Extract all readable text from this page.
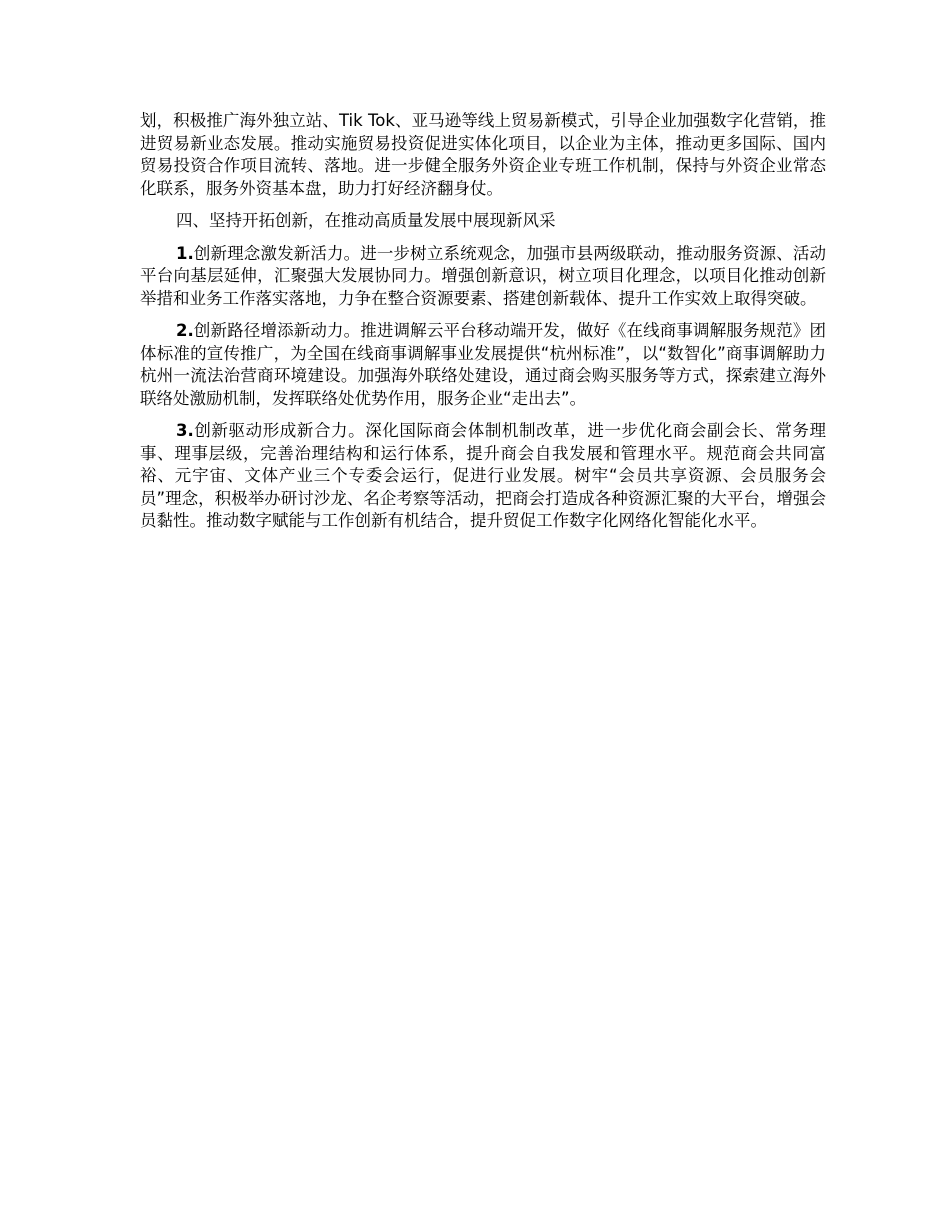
划，积极推广海外独立站、Tik Tok、亚马逊等线上贸易新模式，引导企业加强数字化营销，推进贸易新业态发展。推动实施贸易投资促进实体化项目，以企业为主体，推动更多国际、国内贸易投资合作项目流转、落地。进一步健全服务外资企业专班工作机制，保持与外资企业常态化联系，服务外资基本盘，助力打好经济翻身仗。

四、坚持开拓创新，在推动高质量发展中展现新风采

1.创新理念激发新活力。进一步树立系统观念，加强市县两级联动，推动服务资源、活动平台向基层延伸，汇聚强大发展协同力。增强创新意识，树立项目化理念，以项目化推动创新举措和业务工作落实落地，力争在整合资源要素、搭建创新载体、提升工作实效上取得突破。

2.创新路径增添新动力。推进调解云平台移动端开发，做好《在线商事调解服务规范》团体标准的宣传推广，为全国在线商事调解事业发展提供“杭州标准”，以“数智化”商事调解助力杭州一流法治营商环境建设。加强海外联络处建设，通过商会购买服务等方式，探索建立海外联络处激励机制，发挥联络处优势作用，服务企业“走出去”。

3.创新驱动形成新合力。深化国际商会体制机制改革，进一步优化商会副会长、常务理事、理事层级，完善治理结构和运行体系，提升商会自我发展和管理水平。规范商会共同富裕、元宇宙、文体产业三个专委会运行，促进行业发展。树牢“会员共享资源、会员服务会员”理念，积极举办研讨沙龙、名企考察等活动，把商会打造成各种资源汇聚的大平台，增强会员黏性。推动数字赋能与工作创新有机结合，提升贸促工作数字化网络化智能化水平。
